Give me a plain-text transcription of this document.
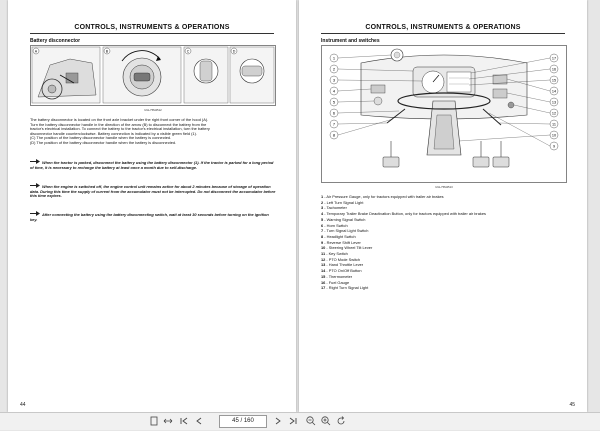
CONTROLS, INSTRUMENTS & OPERATIONS
Battery disconnector
A	B	C	D
UGL75M4512
The battery disconnector is located on the front axle bracket under the right front corner of the hood (A).
Turn the battery disconnector handle in the direction of the arrow (B) to disconnect the battery from the
tractor's electrical installation. To connect the battery to the tractor's electrical installation, turn the battery
disconnector handle counterclockwise. Battery connection is indicated by a visible green field (1).
(C) The position of the battery disconnector handle when the battery is connected.
(D) The position of the battery disconnector handle when the battery is disconnected.
When the tractor is parked, disconnect the battery using the battery disconnector (1). If the tractor is parked for a long period of time, it is necessary to recharge the battery at least once a month due to self-discharge.
When the engine is switched off, the engine control unit remains active for about 2 minutes because of storage of operation data. During this time the supply of current from the accumulator must not be interrupted. Do not disconnect the accumulator before this time expires.
After connecting the battery using the battery disconnecting switch, wait at least 30 seconds before turning on the ignition key.
44
CONTROLS, INSTRUMENTS & OPERATIONS
Instrument and switches
1
2
3
4
5
6
7
8
17
16
15
14
13
12
11
10
9
UGL75M4513
1 - Air Pressure Gauge, only for tractors equipped with trailer air brakes
2 - Left Turn Signal Light
3 - Tachometer
4 - Temporary Trailer Brake Deactivation Button, only for tractors equipped with trailer air brakes
5 - Warning Signal Switch
6 - Horn Switch
7 - Turn Signal Light Switch
8 - Headlight Switch
9 - Reverse Shift Lever
10 - Steering Wheel Tilt Lever
11 - Key Switch
12 - PTO Mode Switch
13 - Hand Throttle Lever
14 - PTO On/Off Button
15 - Thermometer
16 - Fuel Gauge
17 - Right Turn Signal Light
45
45 / 160
